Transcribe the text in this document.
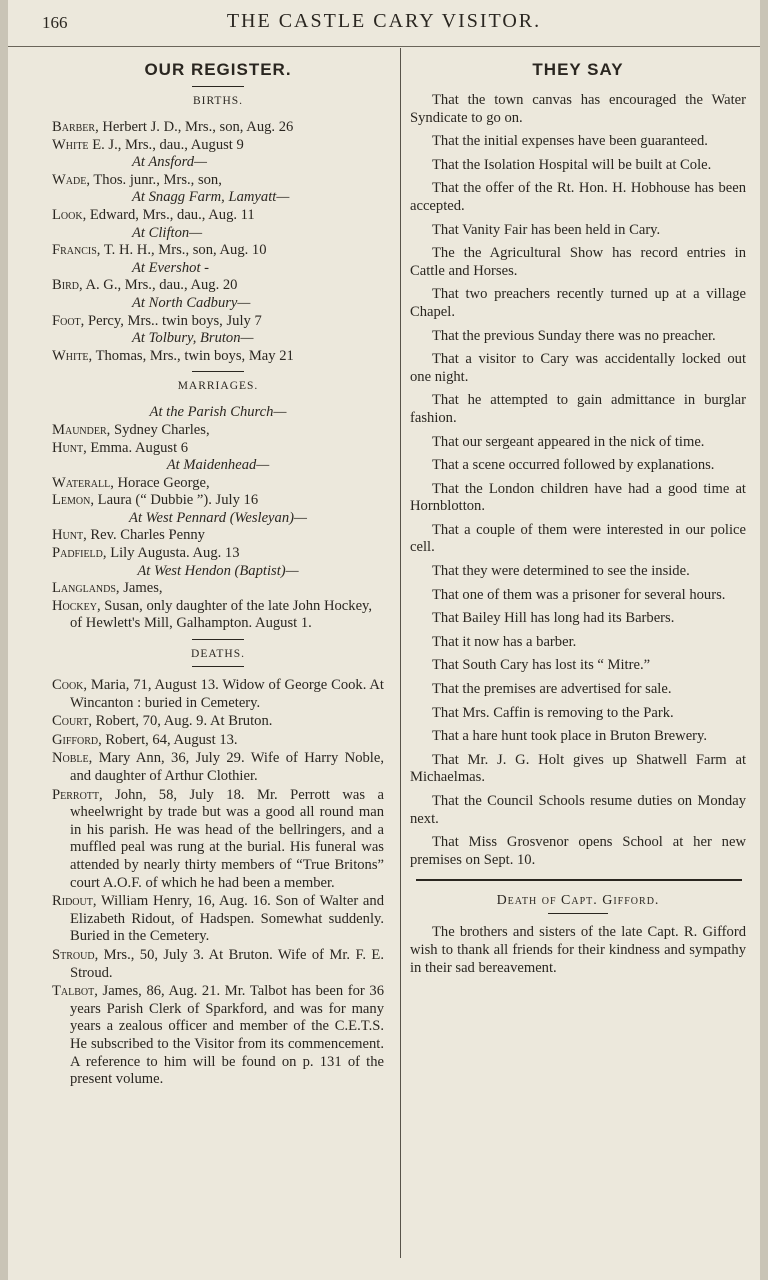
166	THE CASTLE CARY VISITOR.
OUR REGISTER.
BIRTHS.

Barber, Herbert J. D., Mrs., son, Aug. 26

White E. J., Mrs., dau., August 9

At Ansford—

Wade, Thos. junr., Mrs., son,

At Snagg Farm, Lamyatt—

Look, Edward, Mrs., dau., Aug. 11

At Clifton—

Francis, T. H. H., Mrs., son, Aug. 10

At Evershot -

Bird, A. G., Mrs., dau., Aug. 20

At North Cadbury—

Foot, Percy, Mrs.. twin boys, July 7

At Tolbury, Bruton—

White, Thomas, Mrs., twin boys, May 21

MARRIAGES.

At the Parish Church—

Maunder, Sydney Charles,

Hunt, Emma. August 6

At Maidenhead—

Waterall, Horace George,

Lemon, Laura (“ Dubbie ”). July 16

At West Pennard (Wesleyan)—

Hunt, Rev. Charles Penny

Padfield, Lily Augusta. Aug. 13

At West Hendon (Baptist)—

Langlands, James,

Hockey, Susan, only daughter of the late John Hockey, of Hewlett's Mill, Galhampton. August 1.

DEATHS.

Cook, Maria, 71, August 13. Widow of George Cook. At Wincanton : buried in Cemetery.

Court, Robert, 70, Aug. 9. At Bruton.

Gifford, Robert, 64, August 13.

Noble, Mary Ann, 36, July 29. Wife of Harry Noble, and daughter of Arthur Clothier.

Perrott, John, 58, July 18. Mr. Perrott was a wheelwright by trade but was a good all round man in his parish. He was head of the bellringers, and a muffled peal was rung at the burial. His funeral was attended by nearly thirty members of “True Britons” court A.O.F. of which he had been a member.

Ridout, William Henry, 16, Aug. 16. Son of Walter and Elizabeth Ridout, of Hadspen. Somewhat suddenly. Buried in the Cemetery.

Stroud, Mrs., 50, July 3. At Bruton. Wife of Mr. F. E. Stroud.

Talbot, James, 86, Aug. 21. Mr. Talbot has been for 36 years Parish Clerk of Sparkford, and was for many years a zealous officer and member of the C.E.T.S. He subscribed to the Visitor from its commencement. A reference to him will be found on p. 131 of the present volume.

THEY SAY

That the town canvas has encouraged the Water Syndicate to go on.

That the initial expenses have been guaranteed.

That the Isolation Hospital will be built at Cole.

That the offer of the Rt. Hon. H. Hobhouse has been accepted.

That Vanity Fair has been held in Cary.

The the Agricultural Show has record entries in Cattle and Horses.

That two preachers recently turned up at a village Chapel.

That the previous Sunday there was no preacher.

That a visitor to Cary was accidentally locked out one night.

That he attempted to gain admittance in burglar fashion.

That our sergeant appeared in the nick of time.

That a scene occurred followed by explanations.

That the London children have had a good time at Hornblotton.

That a couple of them were interested in our police cell.

That they were determined to see the inside.

That one of them was a prisoner for several hours.

That Bailey Hill has long had its Barbers.

That it now has a barber.

That South Cary has lost its “ Mitre.”

That the premises are advertised for sale.

That Mrs. Caffin is removing to the Park.

That a hare hunt took place in Bruton Brewery.

That Mr. J. G. Holt gives up Shatwell Farm at Michaelmas.

That the Council Schools resume duties on Monday next.

That Miss Grosvenor opens School at her new premises on Sept. 10.

Death of Capt. Gifford.

The brothers and sisters of the late Capt. R. Gifford wish to thank all friends for their kindness and sympathy in their sad bereavement.
